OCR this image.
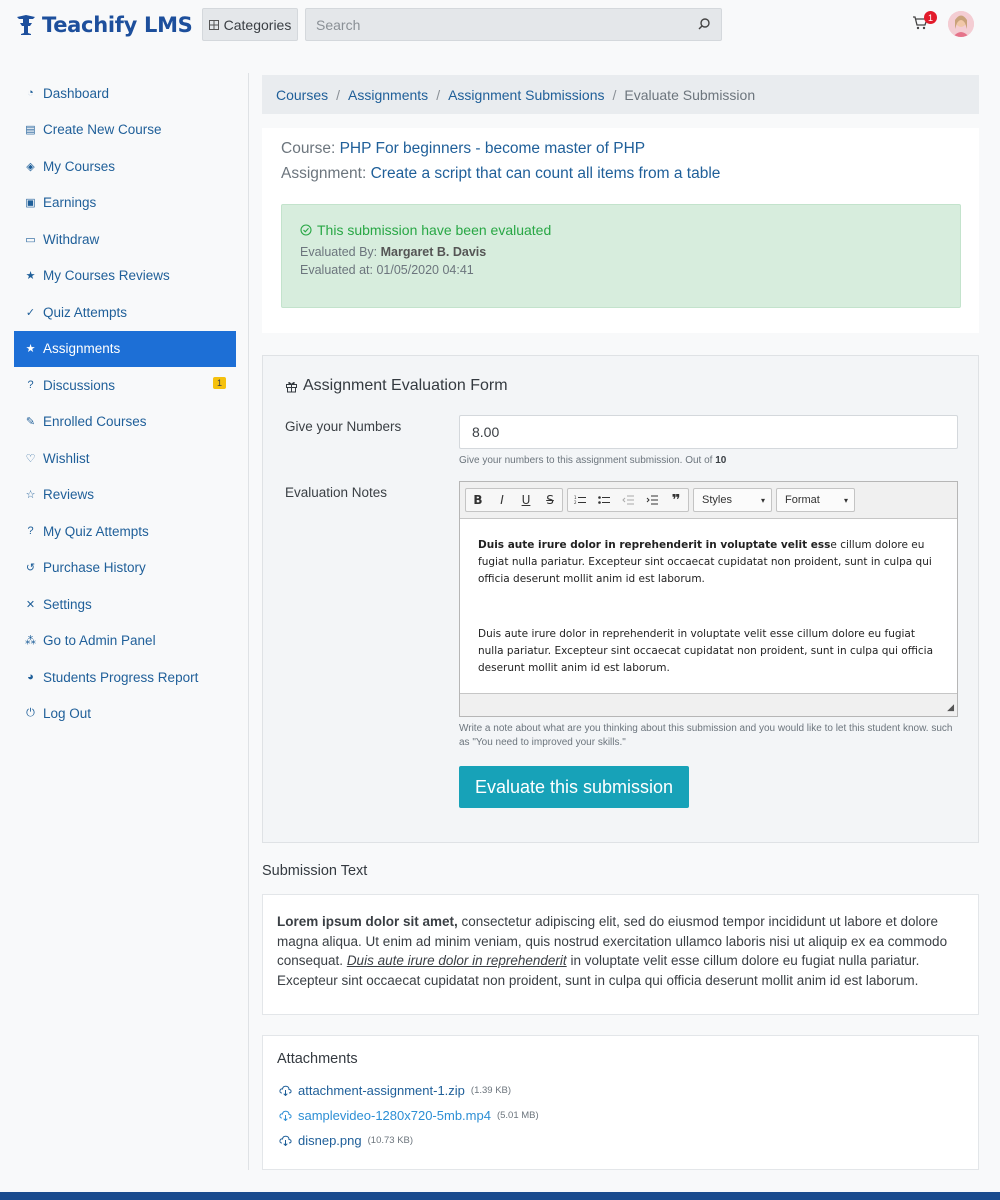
Teachify LMS Categories
Search	1
◔ Dashboard
▤ Create New Course
◈ My Courses
▣ Earnings
▭ Withdraw
★ My Courses Reviews
✓ Quiz Attempts
★ Assignments
? Discussions	1
✎ Enrolled Courses
♡ Wishlist
☆ Reviews
? My Quiz Attempts
↺ Purchase History
✕ Settings
⁂ Go to Admin Panel
◕ Students Progress Report
⏻ Log Out
Courses / Assignments / Assignment Submissions / Evaluate Submission
Course: PHP For beginners - become master of PHP
Assignment: Create a script that can count all items from a table
This submission have been evaluated
Evaluated By: Margaret B. Davis
Evaluated at: 01/05/2020 04:41
Assignment Evaluation Form
Give your Numbers
8.00
Give your numbers to this assignment submission. Out of 10
Evaluation Notes	B	I	U	S	1
2	❞ Styles	▾ Format	▾

Duis aute irure dolor in reprehenderit in voluptate velit esse cillum dolore eu fugiat nulla pariatur. Excepteur sint occaecat cupidatat non proident, sunt in culpa qui officia deserunt mollit anim id est laborum.

Duis aute irure dolor in reprehenderit in voluptate velit esse cillum dolore eu fugiat nulla pariatur. Excepteur sint occaecat cupidatat non proident, sunt in culpa qui officia deserunt mollit anim id est laborum.

◢
Write a note about what are you thinking about this submission and you would like to let this student know. such as "You need to improved your skills."
Evaluate this submission
Submission Text
Lorem ipsum dolor sit amet, consectetur adipiscing elit, sed do eiusmod tempor incididunt ut labore et dolore magna aliqua. Ut enim ad minim veniam, quis nostrud exercitation ullamco laboris nisi ut aliquip ex ea commodo consequat. Duis aute irure dolor in reprehenderit in voluptate velit esse cillum dolore eu fugiat nulla pariatur. Excepteur sint occaecat cupidatat non proident, sunt in culpa qui officia deserunt mollit anim id est laborum.
Attachments
attachment-assignment-1.zip (1.39 KB)
samplevideo-1280x720-5mb.mp4 (5.01 MB)
disnep.png (10.73 KB)
